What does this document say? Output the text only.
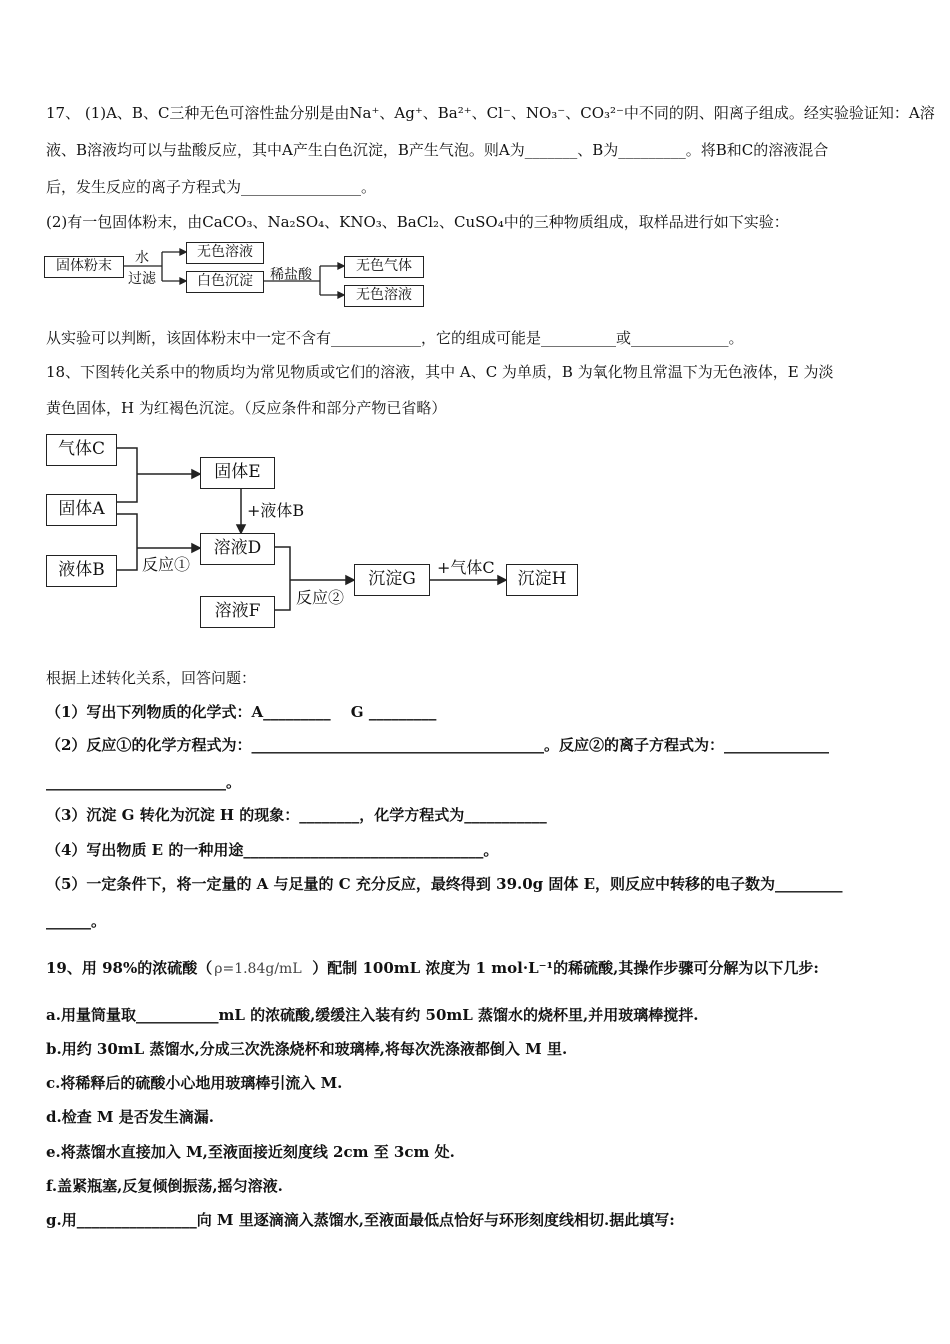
17、 (1)A、B、C三种无色可溶性盐分别是由Na⁺、Ag⁺、Ba²⁺、Cl⁻、NO₃⁻、CO₃²⁻中不同的阴、阳离子组成。经实验验证知：A溶
液、B溶液均可以与盐酸反应，其中A产生白色沉淀，B产生气泡。则A为_______、B为_________。将B和C的溶液混合
后，发生反应的离子方程式为________________。
(2)有一包固体粉末，由CaCO₃、Na₂SO₄、KNO₃、BaCl₂、CuSO₄中的三种物质组成，取样品进行如下实验：
固体粉末	水
过滤
无色溶液
白色沉淀	稀盐酸
无色气体
无色溶液
从实验可以判断，该固体粉末中一定不含有____________，它的组成可能是__________或_____________。
18、下图转化关系中的物质均为常见物质或它们的溶液，其中 A、C 为单质，B 为氧化物且常温下为无色液体，E 为淡
黄色固体，H 为红褐色沉淀。（反应条件和部分产物已省略）
气体C
固体A
液体B
固体E
+液体B
溶液D
反应①
溶液F
反应②
沉淀G
+气体C
沉淀H
根据上述转化关系，回答问题：
（1）写出下列物质的化学式：A_________　 G _________
（2）反应①的化学方程式为：_______________________________________。反应②的离子方程式为：______________
________________________。
（3）沉淀 G 转化为沉淀 H 的现象：________，化学方程式为___________
（4）写出物质 E 的一种用途________________________________。
（5）一定条件下，将一定量的 A 与足量的 C 充分反应，最终得到 39.0g 固体 E，则反应中转移的电子数为_________
______。
19、用 98%的浓硫酸（ ρ=1.84g/mL ）配制 100mL 浓度为 1 mol·L⁻¹的稀硫酸,其操作步骤可分解为以下几步:
a.用量筒量取___________mL 的浓硫酸,缓缓注入装有约 50mL 蒸馏水的烧杯里,并用玻璃棒搅拌.
b.用约 30mL 蒸馏水,分成三次洗涤烧杯和玻璃棒,将每次洗涤液都倒入 M 里.
c.将稀释后的硫酸小心地用玻璃棒引流入 M.
d.检查 M 是否发生滴漏.
e.将蒸馏水直接加入 M,至液面接近刻度线 2cm 至 3cm 处.
f.盖紧瓶塞,反复倾倒振荡,摇匀溶液.
g.用________________向 M 里逐滴滴入蒸馏水,至液面最低点恰好与环形刻度线相切.据此填写:
